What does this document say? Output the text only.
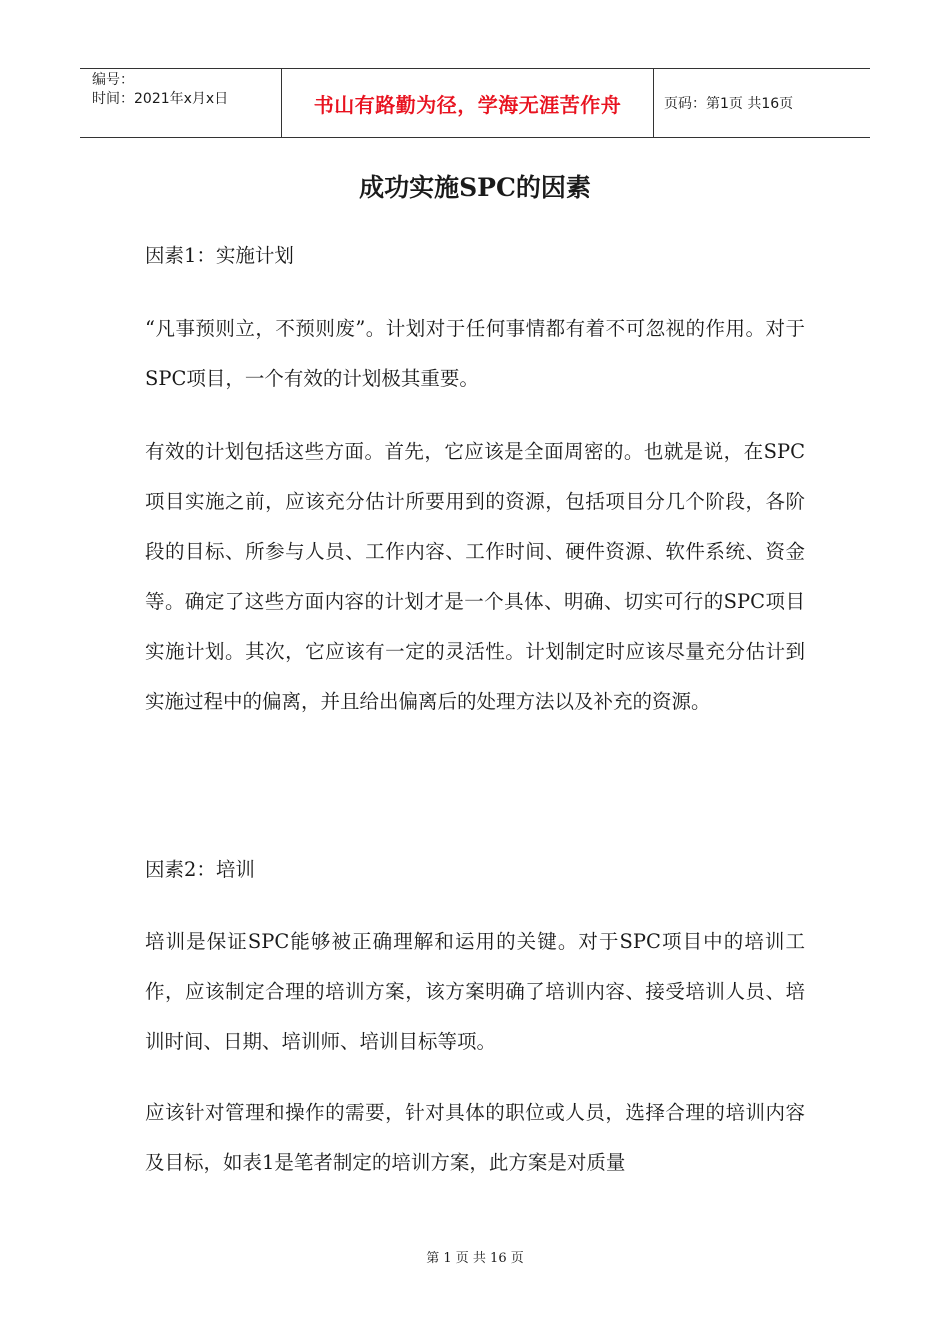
编号：
时间：2021年x月x日	书山有路勤为径，学海无涯苦作舟	页码：第1页 共16页
成功实施SPC的因素

因素1：实施计划

“凡事预则立，不预则废”。计划对于任何事情都有着不可忽视的作用。对于SPC项目，一个有效的计划极其重要。

有效的计划包括这些方面。首先，它应该是全面周密的。也就是说，在SPC项目实施之前，应该充分估计所要用到的资源，包括项目分几个阶段，各阶段的目标、所参与人员、工作内容、工作时间、硬件资源、软件系统、资金等。确定了这些方面内容的计划才是一个具体、明确、切实可行的SPC项目实施计划。其次，它应该有一定的灵活性。计划制定时应该尽量充分估计到实施过程中的偏离，并且给出偏离后的处理方法以及补充的资源。

因素2：培训

培训是保证SPC能够被正确理解和运用的关键。对于SPC项目中的培训工作，应该制定合理的培训方案，该方案明确了培训内容、接受培训人员、培训时间、日期、培训师、培训目标等项。

应该针对管理和操作的需要，针对具体的职位或人员，选择合理的培训内容及目标，如表1是笔者制定的培训方案，此方案是对质量

第 1 页 共 16 页
